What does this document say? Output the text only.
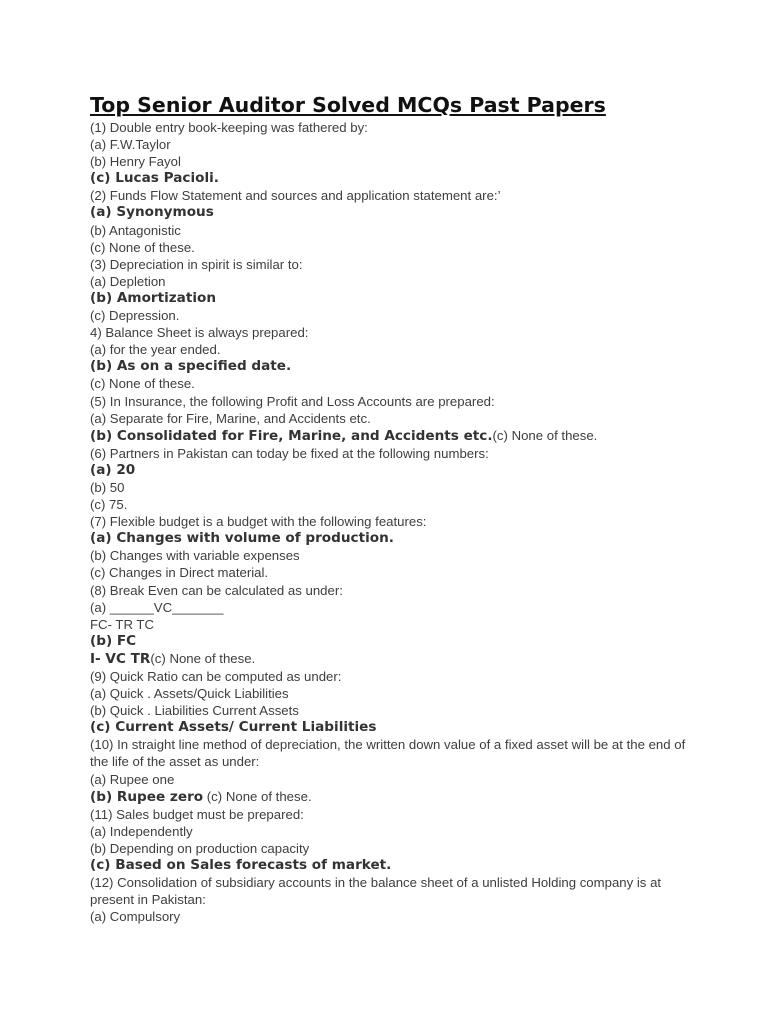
Top Senior Auditor Solved MCQs Past Papers
(1) Double entry book-keeping was fathered by:
(a) F.W.Taylor
(b) Henry Fayol
(c) Lucas Pacioli.
(2) Funds Flow Statement and sources and application statement are:’
(a) Synonymous
(b) Antagonistic
(c) None of these.
(3) Depreciation in spirit is similar to:
(a) Depletion
(b) Amortization
(c) Depression.
4) Balance Sheet is always prepared:
(a) for the year ended.
(b) As on a specified date.
(c) None of these.
(5) In Insurance, the following Profit and Loss Accounts are prepared:
(a) Separate for Fire, Marine, and Accidents etc.
(b) Consolidated for Fire, Marine, and Accidents etc.(c) None of these.
(6) Partners in Pakistan can today be fixed at the following numbers:
(a) 20
(b) 50
(c) 75.
(7) Flexible budget is a budget with the following features:
(a) Changes with volume of production.
(b) Changes with variable expenses
(c) Changes in Direct material.
(8) Break Even can be calculated as under:
(a) ______VC_______
FC- TR TC
(b) FC
I- VC TR(c) None of these.
(9) Quick Ratio can be computed as under:
(a) Quick . Assets/Quick Liabilities
(b) Quick . Liabilities Current Assets
(c) Current Assets/ Current Liabilities
(10) In straight line method of depreciation, the written down value of a fixed asset will be at the end of the life of the asset as under:
(a) Rupee one
(b) Rupee zero (c) None of these.
(11) Sales budget must be prepared:
(a) Independently
(b) Depending on production capacity
(c) Based on Sales forecasts of market.
(12) Consolidation of subsidiary accounts in the balance sheet of a unlisted Holding company is at present in Pakistan:
(a) Compulsory
